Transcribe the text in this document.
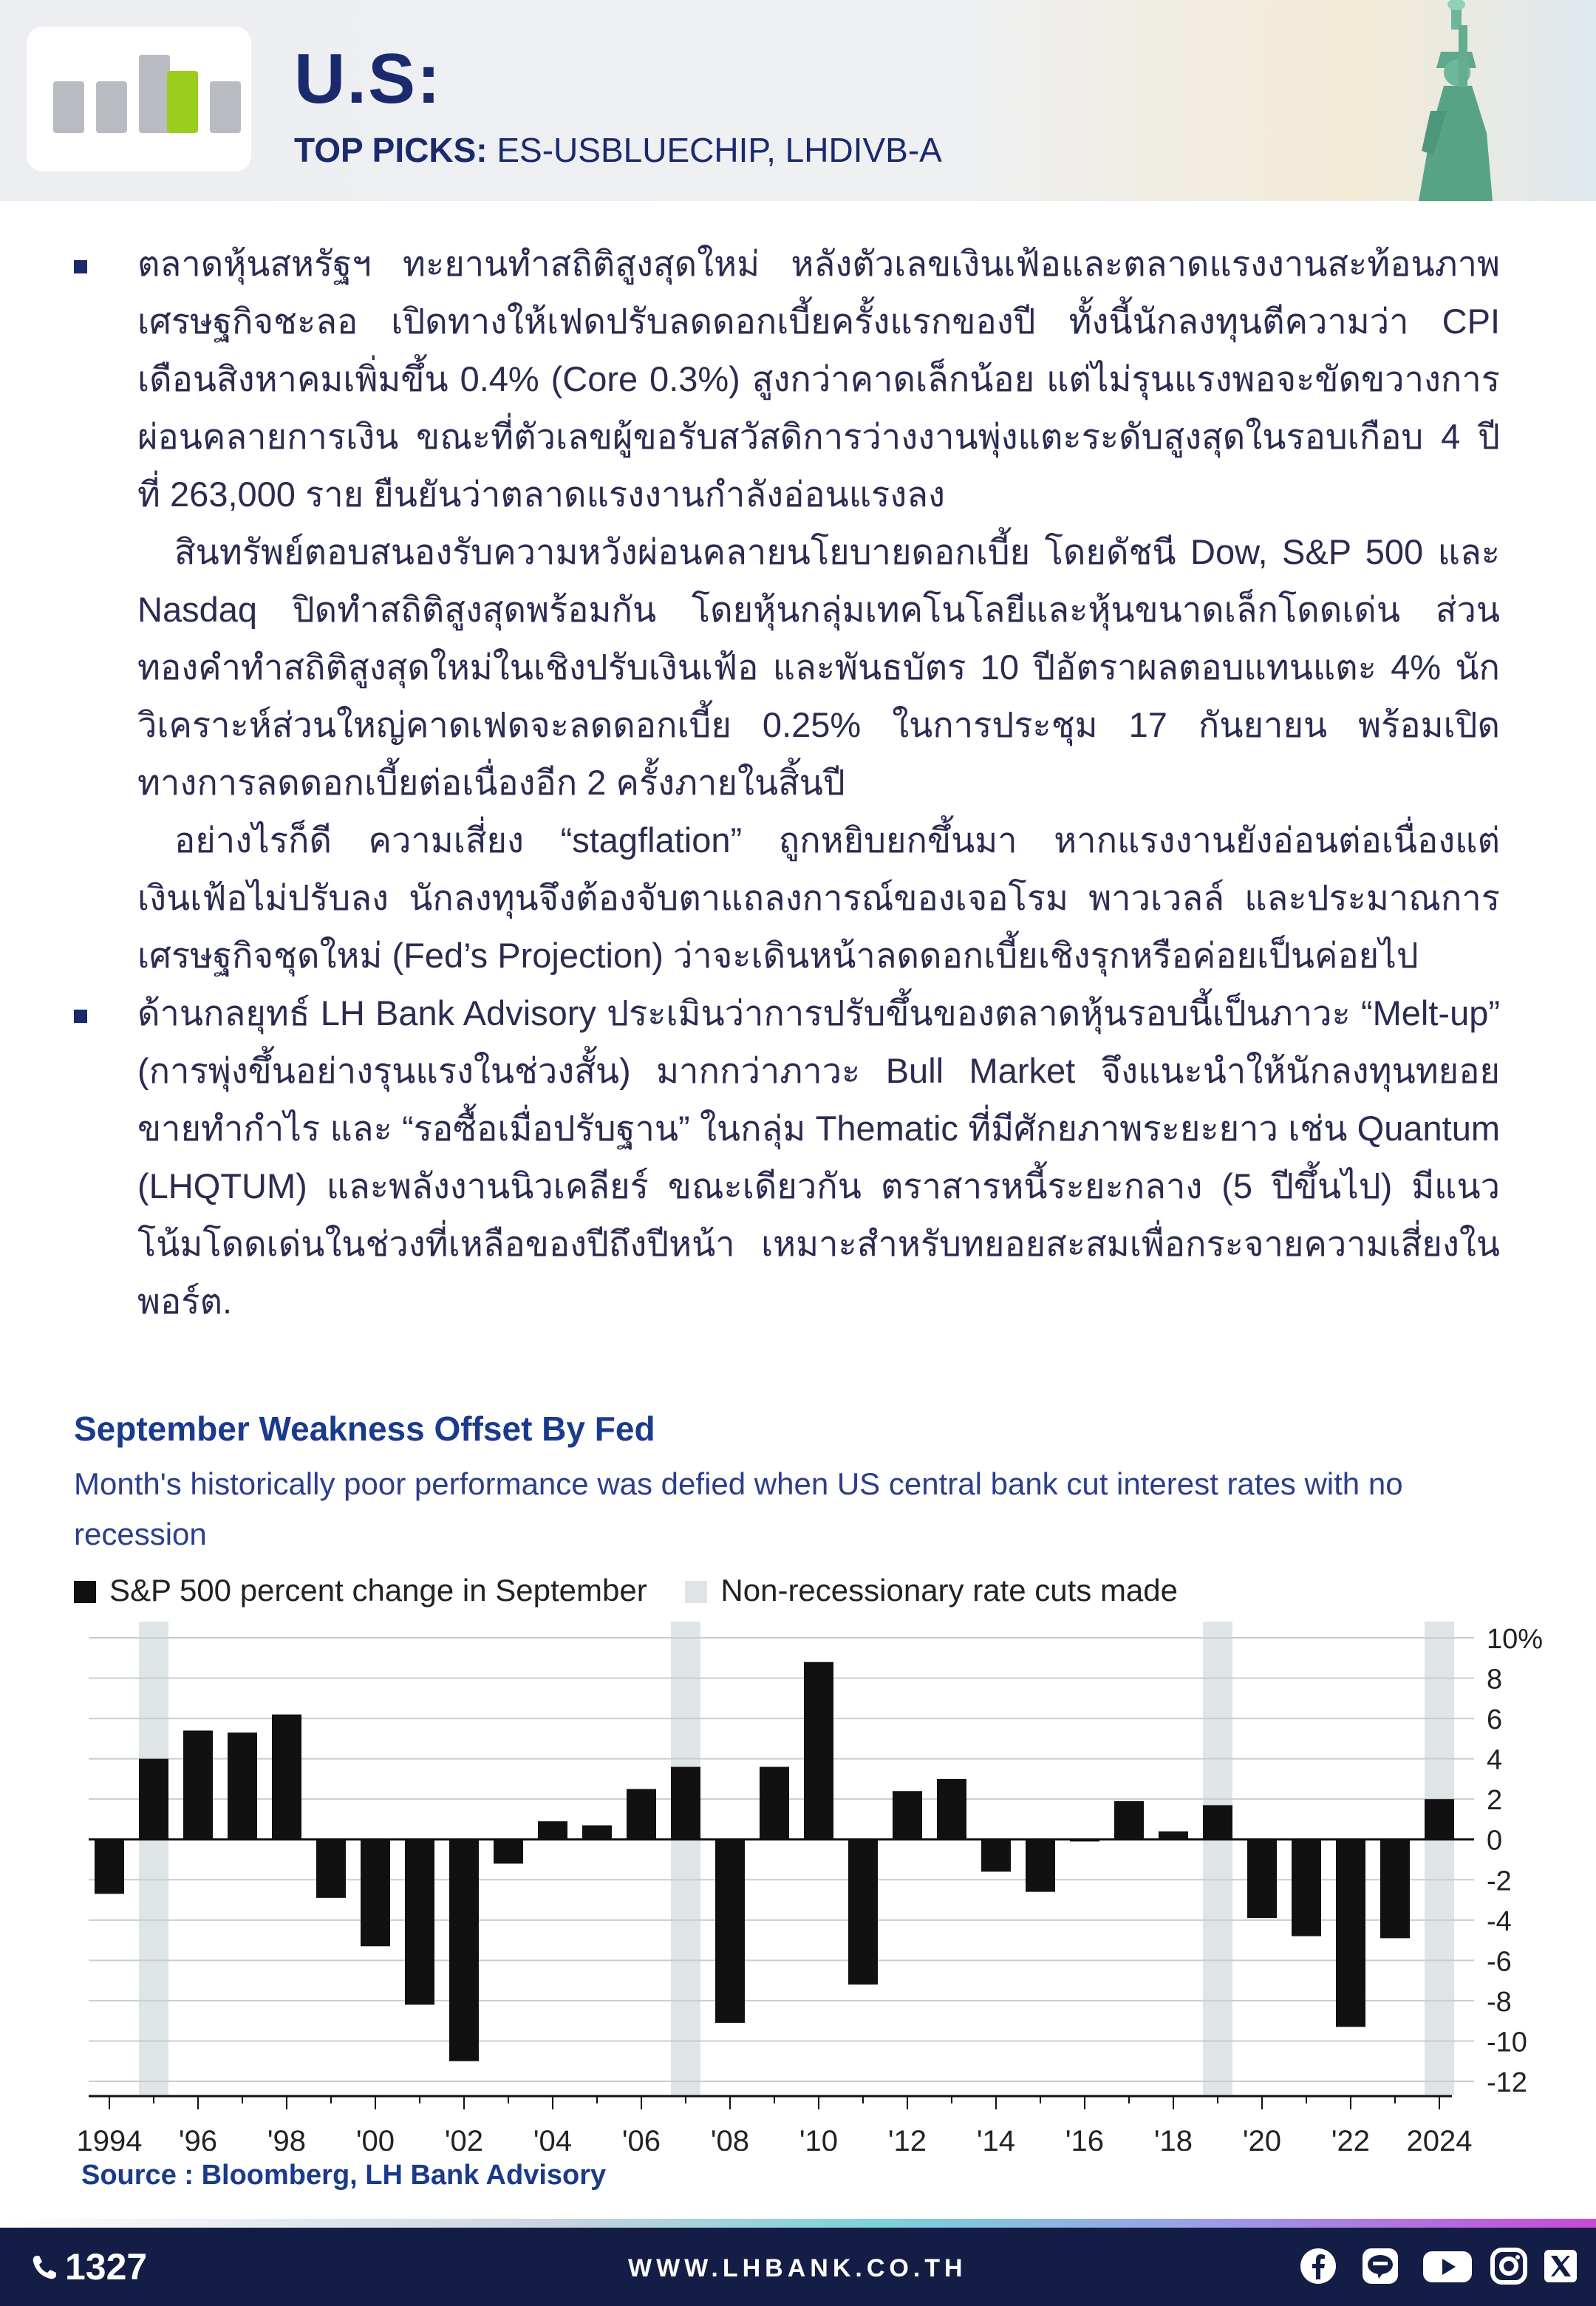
U.S:
TOP PICKS: ES-USBLUECHIP, LHDIVB-A

ตลาดหุ้นสหรัฐฯ ทะยานทำสถิติสูงสุดใหม่ หลังตัวเลขเงินเฟ้อและตลาดแรงงานสะท้อนภาพเศรษฐกิจชะลอ เปิดทางให้เฟดปรับลดดอกเบี้ยครั้งแรกของปี ทั้งนี้นักลงทุนตีความว่า CPI เดือนสิงหาคมเพิ่มขึ้น 0.4% (Core 0.3%) สูงกว่าคาดเล็กน้อย แต่ไม่รุนแรงพอจะขัดขวางการผ่อนคลายการเงิน ขณะที่ตัวเลขผู้ขอรับสวัสดิการว่างงานพุ่งแตะระดับสูงสุดในรอบเกือบ 4 ปี ที่ 263,000 ราย ยืนยันว่าตลาดแรงงานกำลังอ่อนแรงลง

สินทรัพย์ตอบสนองรับความหวังผ่อนคลายนโยบายดอกเบี้ย โดยดัชนี Dow, S&P 500 และ Nasdaq ปิดทำสถิติสูงสุดพร้อมกัน โดยหุ้นกลุ่มเทคโนโลยีและหุ้นขนาดเล็กโดดเด่น ส่วนทองคำทำสถิติสูงสุดใหม่ในเชิงปรับเงินเฟ้อ และพันธบัตร 10 ปีอัตราผลตอบแทนแตะ 4% นักวิเคราะห์ส่วนใหญ่คาดเฟดจะลดดอกเบี้ย 0.25% ในการประชุม 17 กันยายน พร้อมเปิดทางการลดดอกเบี้ยต่อเนื่องอีก 2 ครั้งภายในสิ้นปี

อย่างไรก็ดี ความเสี่ยง “stagflation” ถูกหยิบยกขึ้นมา หากแรงงานยังอ่อนต่อเนื่องแต่เงินเฟ้อไม่ปรับลง นักลงทุนจึงต้องจับตาแถลงการณ์ของเจอโรม พาวเวลล์ และประมาณการเศรษฐกิจชุดใหม่ (Fed’s Projection) ว่าจะเดินหน้าลดดอกเบี้ยเชิงรุกหรือค่อยเป็นค่อยไป

ด้านกลยุทธ์ LH Bank Advisory ประเมินว่าการปรับขึ้นของตลาดหุ้นรอบนี้เป็นภาวะ “Melt-up” (การพุ่งขึ้นอย่างรุนแรงในช่วงสั้น) มากกว่าภาวะ Bull Market จึงแนะนำให้นักลงทุนทยอยขายทำกำไร และ “รอซื้อเมื่อปรับฐาน” ในกลุ่ม Thematic ที่มีศักยภาพระยะยาว เช่น Quantum (LHQTUM) และพลังงานนิวเคลียร์ ขณะเดียวกัน ตราสารหนี้ระยะกลาง (5 ปีขึ้นไป) มีแนวโน้มโดดเด่นในช่วงที่เหลือของปีถึงปีหน้า เหมาะสำหรับทยอยสะสมเพื่อกระจายความเสี่ยงในพอร์ต.

September Weakness Offset By Fed
Month's historically poor performance was defied when US central bank cut interest rates with no recession
S&P 500 percent change in September Non-recessionary rate cuts made
10%
8
6
4
2
0
-2
-4
-6
-8
-10
-12
1994 '96 '98 '00 '02 '04 '06 '08 '10 '12 '14 '16 '18 '20 '22 2024
Source : Bloomberg, LH Bank Advisory
1327	WWW.LHBANK.CO.TH
